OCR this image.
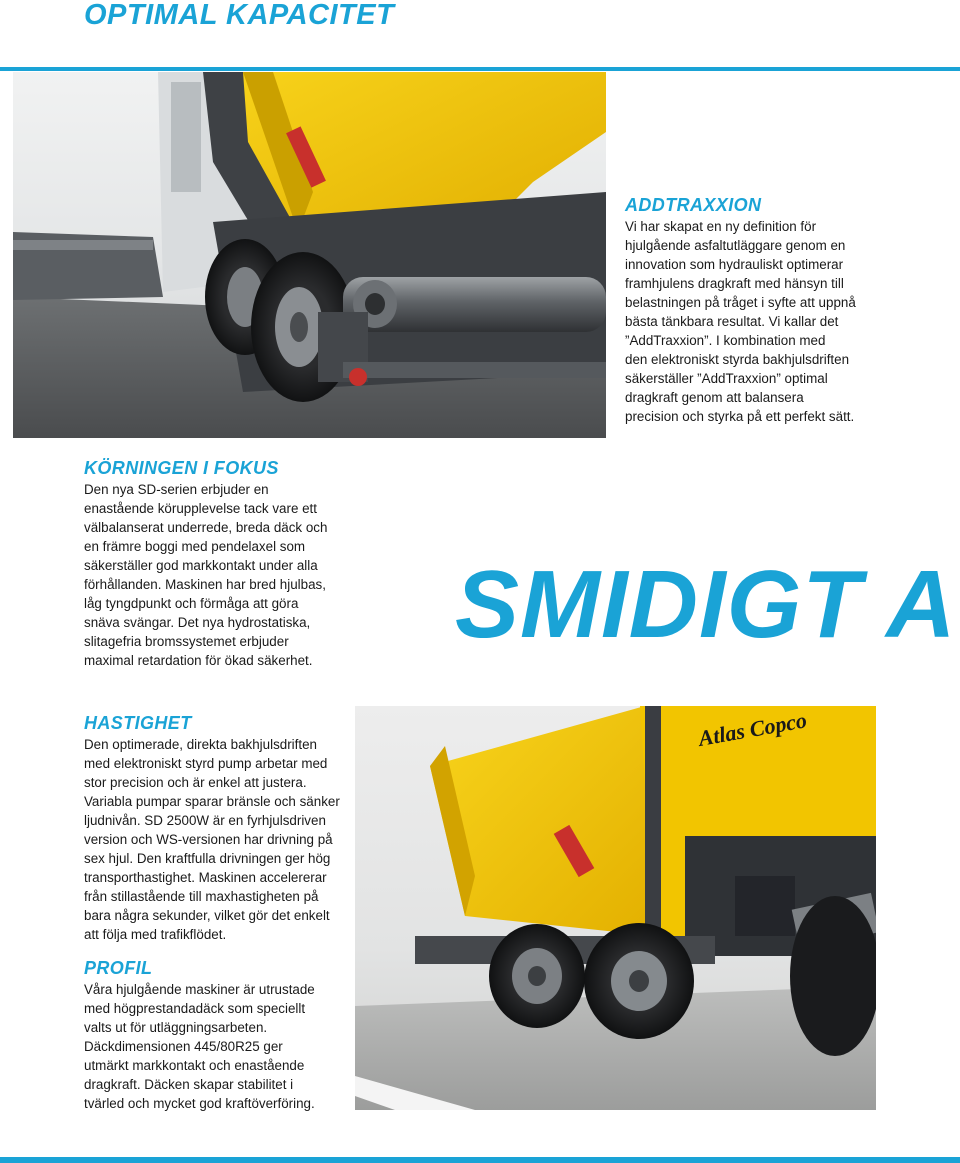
OPTIMAL KAPACITET
ADDTRAXXION
Vi har skapat en ny definition för
hjulgående asfaltutläggare genom en
innovation som hydrauliskt optimerar
framhjulens dragkraft med hänsyn till
belastningen på tråget i syfte att uppnå
bästa tänkbara resultat. Vi kallar det
”AddTraxxion”. I kombination med
den elektroniskt styrda bakhjulsdriften
säkerställer ”AddTraxxion” optimal
dragkraft genom att balansera
precision och styrka på ett perfekt sätt.
KÖRNINGEN I FOKUS
Den nya SD-serien erbjuder en
enastående körupplevelse tack vare ett
välbalanserat underrede, breda däck och
en främre boggi med pendelaxel som
säkerställer god markkontakt under alla
förhållanden. Maskinen har bred hjulbas,
låg tyngdpunkt och förmåga att göra
snäva svängar. Det nya hydrostatiska,
slitagefria bromssystemet erbjuder
maximal retardation för ökad säkerhet.
SMIDIGT A
HASTIGHET
Den optimerade, direkta bakhjulsdriften
med elektroniskt styrd pump arbetar med
stor precision och är enkel att justera.
Variabla pumpar sparar bränsle och sänker
ljudnivån. SD 2500W är en fyrhjulsdriven
version och WS-versionen har drivning på
sex hjul. Den kraftfulla drivningen ger hög
transporthastighet. Maskinen accelererar
från stillastående till maxhastigheten på
bara några sekunder, vilket gör det enkelt
att följa med trafikflödet.
PROFIL
Våra hjulgående maskiner är utrustade
med högprestandadäck som speciellt
valts ut för utläggningsarbeten.
Däckdimensionen 445/80R25 ger
utmärkt markkontakt och enastående
dragkraft. Däcken skapar stabilitet i
tvärled och mycket god kraftöverföring.
Atlas Copco
